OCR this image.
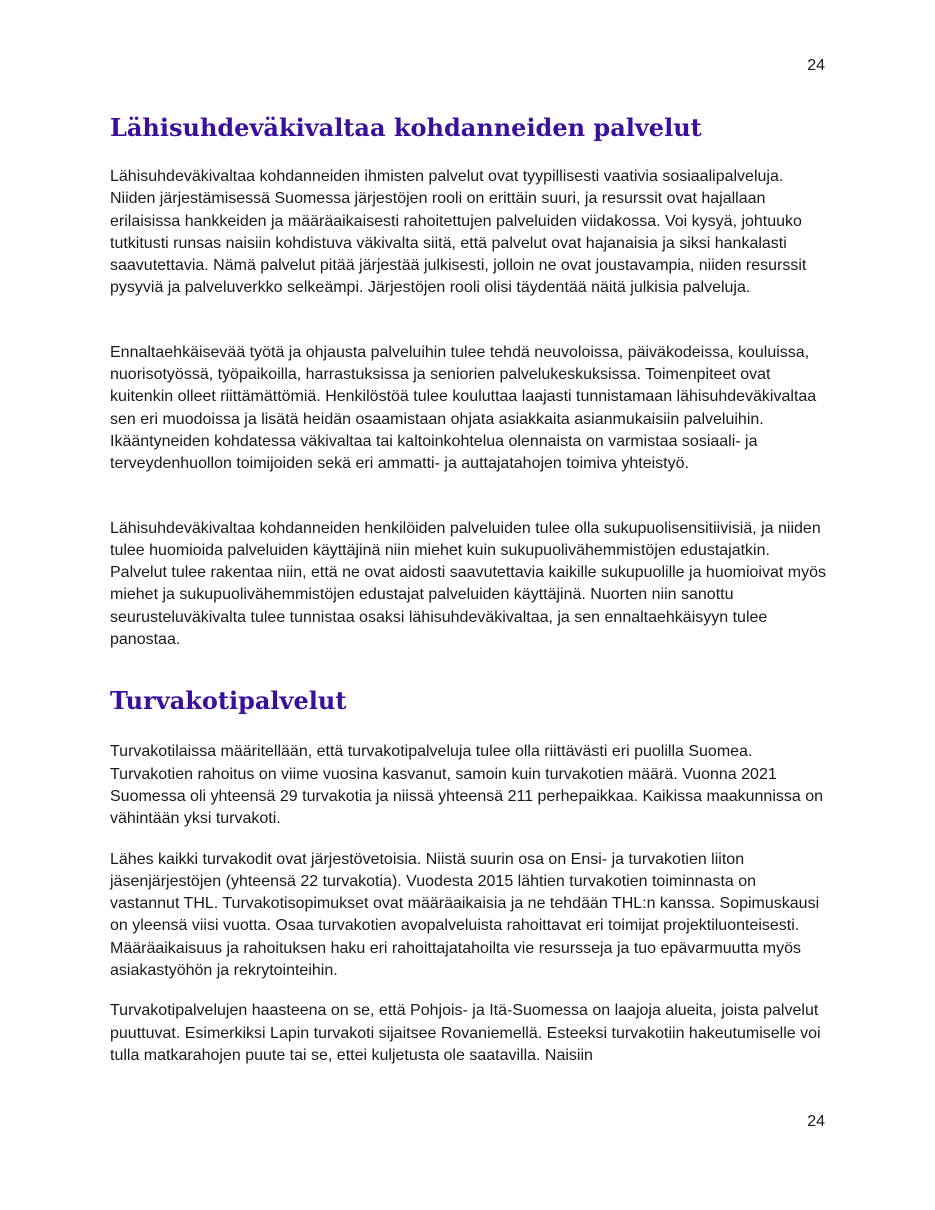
24
Lähisuhdeväkivaltaa kohdanneiden palvelut

Lähisuhdeväkivaltaa kohdanneiden ihmisten palvelut ovat tyypillisesti vaativia sosiaalipalveluja. Niiden järjestämisessä Suomessa järjestöjen rooli on erittäin suuri, ja resurssit ovat hajallaan erilaisissa hankkeiden ja määräaikaisesti rahoitettujen palveluiden viidakossa. Voi kysyä, johtuuko tutkitusti runsas naisiin kohdistuva väkivalta siitä, että palvelut ovat hajanaisia ja siksi hankalasti saavutettavia. Nämä palvelut pitää järjestää julkisesti, jolloin ne ovat joustavampia, niiden resurssit pysyviä ja palveluverkko selkeämpi. Järjestöjen rooli olisi täydentää näitä julkisia palveluja.

Ennaltaehkäisevää työtä ja ohjausta palveluihin tulee tehdä neuvoloissa, päiväkodeissa, kouluissa, nuorisotyössä, työpaikoilla, harrastuksissa ja seniorien palvelukeskuksissa. Toimenpiteet ovat kuitenkin olleet riittämättömiä. Henkilöstöä tulee kouluttaa laajasti tunnistamaan lähisuhdeväkivaltaa sen eri muodoissa ja lisätä heidän osaamistaan ohjata asiakkaita asianmukaisiin palveluihin. Ikääntyneiden kohdatessa väkivaltaa tai kaltoinkohtelua olennaista on varmistaa sosiaali- ja terveydenhuollon toimijoiden sekä eri ammatti- ja auttajatahojen toimiva yhteistyö.

Lähisuhdeväkivaltaa kohdanneiden henkilöiden palveluiden tulee olla sukupuolisensitiivisiä, ja niiden tulee huomioida palveluiden käyttäjinä niin miehet kuin sukupuolivähemmistöjen edustajatkin. Palvelut tulee rakentaa niin, että ne ovat aidosti saavutettavia kaikille sukupuolille ja huomioivat myös miehet ja sukupuolivähemmistöjen edustajat palveluiden käyttäjinä. Nuorten niin sanottu seurusteluväkivalta tulee tunnistaa osaksi lähisuhdeväkivaltaa, ja sen ennaltaehkäisyyn tulee panostaa.

Turvakotipalvelut

Turvakotilaissa määritellään, että turvakotipalveluja tulee olla riittävästi eri puolilla Suomea. Turvakotien rahoitus on viime vuosina kasvanut, samoin kuin turvakotien määrä. Vuonna 2021 Suomessa oli yhteensä 29 turvakotia ja niissä yhteensä 211 perhepaikkaa. Kaikissa maakunnissa on vähintään yksi turvakoti.

Lähes kaikki turvakodit ovat järjestövetoisia. Niistä suurin osa on Ensi- ja turvakotien liiton jäsenjärjestöjen (yhteensä 22 turvakotia). Vuodesta 2015 lähtien turvakotien toiminnasta on vastannut THL. Turvakotisopimukset ovat määräaikaisia ja ne tehdään THL:n kanssa. Sopimuskausi on yleensä viisi vuotta. Osaa turvakotien avopalveluista rahoittavat eri toimijat projektiluonteisesti. Määräaikaisuus ja rahoituksen haku eri rahoittajatahoilta vie resursseja ja tuo epävarmuutta myös asiakastyöhön ja rekrytointeihin.

Turvakotipalvelujen haasteena on se, että Pohjois- ja Itä-Suomessa on laajoja alueita, joista palvelut puuttuvat. Esimerkiksi Lapin turvakoti sijaitsee Rovaniemellä. Esteeksi turvakotiin hakeutumiselle voi tulla matkarahojen puute tai se, ettei kuljetusta ole saatavilla. Naisiin

24
